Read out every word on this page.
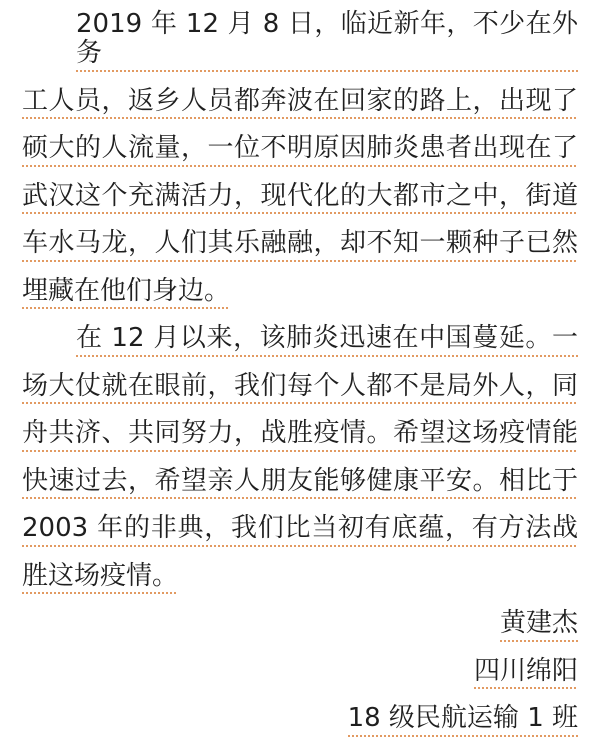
2019 年 12 月 8 日，临近新年，不少在外务
工人员，返乡人员都奔波在回家的路上，出现了
硕大的人流量，一位不明原因肺炎患者出现在了
武汉这个充满活力，现代化的大都市之中，街道
车水马龙，人们其乐融融，却不知一颗种子已然
埋藏在他们身边。
在 12 月以来，该肺炎迅速在中国蔓延。一
场大仗就在眼前，我们每个人都不是局外人，同
舟共济、共同努力，战胜疫情。希望这场疫情能
快速过去，希望亲人朋友能够健康平安。相比于
2003 年的非典，我们比当初有底蕴，有方法战
胜这场疫情。
黄建杰
四川绵阳
18 级民航运输 1 班
